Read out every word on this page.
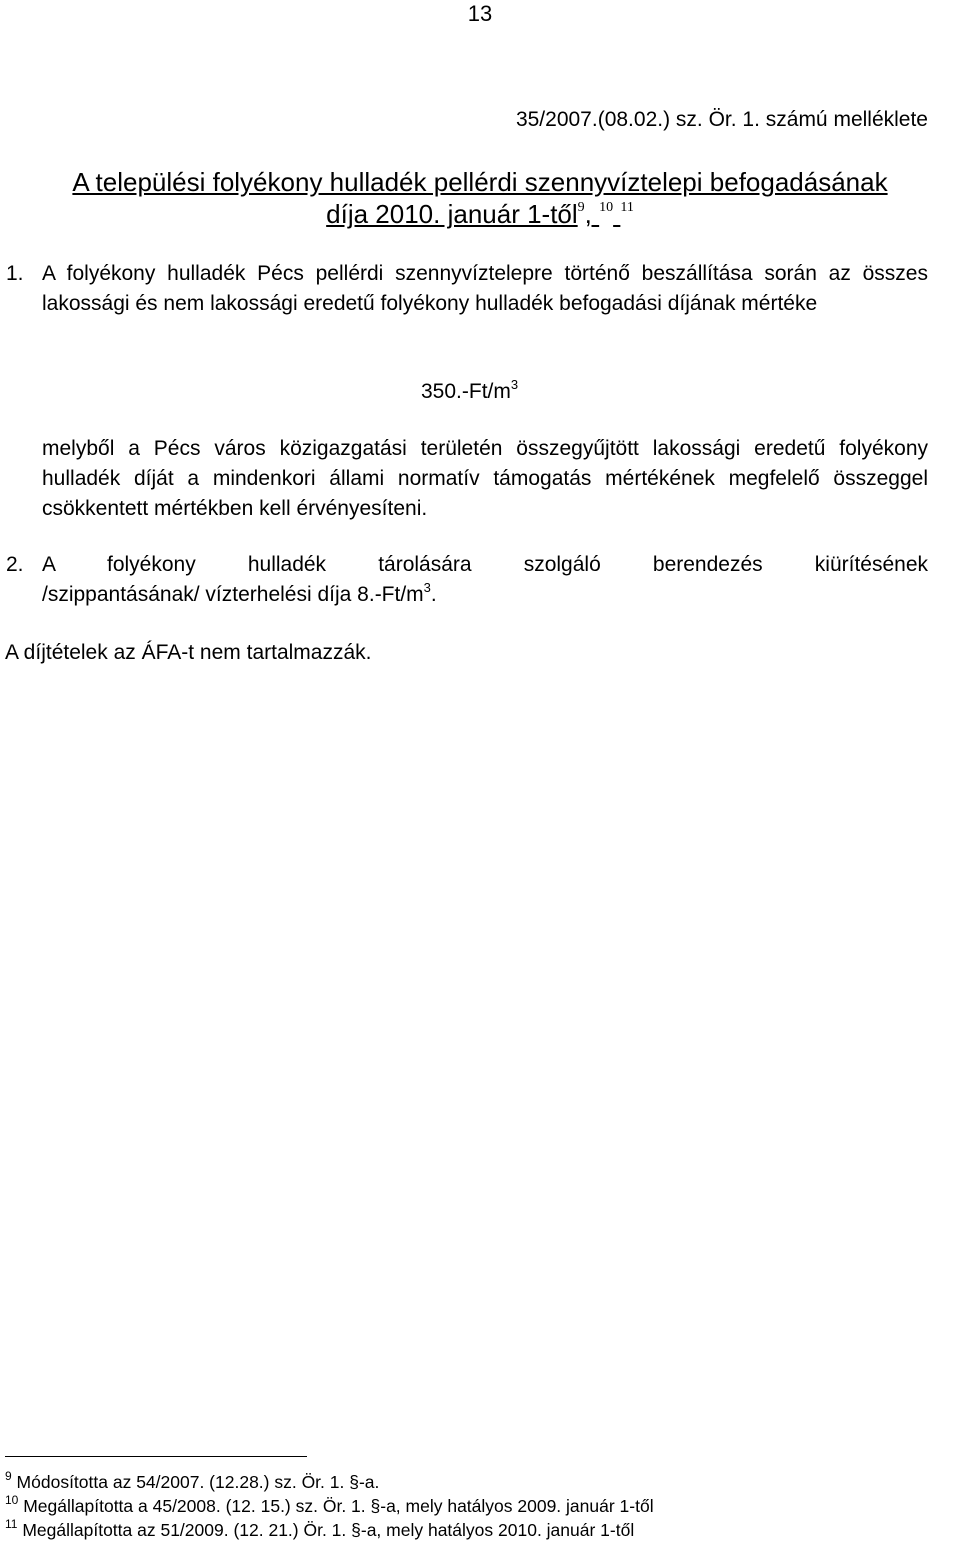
13
35/2007.(08.02.) sz. Ör. 1. számú melléklete
A települési folyékony hulladék pellérdi szennyvíztelepi befogadásának
díja 2010. január 1-től$^9$, $^{10}$ $^{11}$
1. A folyékony hulladék Pécs pellérdi szennyvíztelepre történő beszállítása során az összes lakossági és nem lakossági eredetű folyékony hulladék befogadási díjának mértéke
$350.-Ft/m^3$
melyből a Pécs város közigazgatási területén összegyűjtött lakossági eredetű folyékony hulladék díját a mindenkori állami normatív támogatás mértékének megfelelő összeggel csökkentett mértékben kell érvényesíteni.
2. A folyékony hulladék tárolására szolgáló berendezés kiürítésének
/szippantásának/ vízterhelési díja $8.-Ft/m^3$.
A díjtételek az ÁFA-t nem tartalmazzák.
$^9$ Módosította az 54/2007. (12.28.) sz. Ör. 1. §-a.
$^{10}$ Megállapította a 45/2008. (12. 15.) sz. Ör. 1. §-a, mely hatályos 2009. január 1-től
$^{11}$ Megállapította az 51/2009. (12. 21.) Ör. 1. §-a, mely hatályos 2010. január 1-től
